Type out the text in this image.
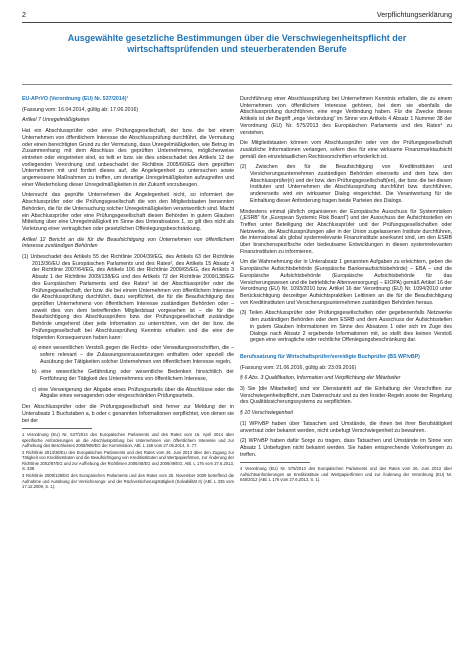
2	Verpflichtungserklärung
Ausgewählte gesetzliche Bestimmungen über die Verschwiegenheitspflicht der wirtschaftsprüfenden und steuerberatenden Berufe

EU-APrVO (Verordnung (EU) Nr. 537/2014)¹

(Fassung vom: 16.04.2014, gültig ab: 17.06.2016)

Artikel 7 Unregelmäßigkeiten

Hat ein Abschlussprüfer oder eine Prüfungsgesellschaft, der bzw. die bei einem Unternehmen von öffentlichem Interesse die Abschlussprüfung durchführt, die Vermutung oder einen berechtigten Grund zu der Vermutung, dass Unregelmäßigkeiten, wie Betrug im Zusammenhang mit dem Abschluss des geprüften Unternehmens, möglicherweise eintreten oder eingetreten sind, so teilt er bzw. sie dies unbeschadet des Artikels 12 der vorliegenden Verordnung und unbeschadet der Richtlinie 2005/60/EG dem geprüften Unternehmen mit und fordert dieses auf, die Angelegenheit zu untersuchen sowie angemessene Maßnahmen zu treffen, um derartige Unregelmäßigkeiten aufzugreifen und einer Wiederholung dieser Unregelmäßigkeiten in der Zukunft vorzubeugen.

Untersucht das geprüfte Unternehmen die Angelegenheit nicht, so informiert der Abschlussprüfer oder die Prüfungsgesellschaft die von den Mitgliedstaaten benannten Behörden, die für die Untersuchung solcher Unregelmäßigkeiten verantwortlich sind. Macht ein Abschlussprüfer oder eine Prüfungsgesellschaft diesen Behörden in gutem Glauben Mitteilung über eine Unregelmäßigkeit im Sinne des Unterabsatzes 1, so gilt dies nicht als Verletzung einer vertraglichen oder gesetzlichen Offenlegungsbeschränkung.

Artikel 12 Bericht an die für die Beaufsichtigung von Unternehmen von öffentlichem Interesse zuständigen Behörden

(1) Unbeschadet des Artikels 55 der Richtlinie 2004/39/EG, des Artikels 63 der Richtlinie 2013/36/EU des Europäischen Parlaments und des Rates², des Artikels 15 Absatz 4 der Richtlinie 2007/64/EG, des Artikels 106 der Richtlinie 2009/65/EG, des Artikels 3 Absatz 1 der Richtlinie 2009/138/EG und des Artikels 72 der Richtlinie 2009/138/EG des Europäischen Parlaments und des Rates³ ist der Abschlussprüfer oder die Prüfungsgesellschaft, der bzw. die bei einem Unternehmen von öffentlichem Interesse die Abschlussprüfung durchführt, dazu verpflichtet, die für die Beaufsichtigung des geprüften Unternehmens von öffentlichem Interesse zuständigen Behörden oder – soweit dies von dem betreffenden Mitgliedstaat vorgesehen ist – die für die Beaufsichtigung des Abschlussprüfers bzw. der Prüfungsgesellschaft zuständige Behörde umgehend über jede Information zu unterrichten, von der der bzw. die Prüfungsgesellschaft bei Abschlussprüfung Kenntnis erhalten und die eine der folgenden Konsequenzen haben kann:

a) einen wesentlichen Verstoß gegen die Rechts- oder Verwaltungsvorschriften, die – sofern relevant – die Zulassungsvoraussetzungen enthalten oder speziell die Ausübung der Tätigkeiten solcher Unternehmen von öffentlichem Interesse regeln,

b) eine wesentliche Gefährdung oder wesentliche Bedenken hinsichtlich der Fortführung der Tätigkeit des Unternehmens von öffentlichem Interesse,

c) eine Verweigerung der Abgabe eines Prüfungsurteils über die Abschlüsse oder die Abgabe eines versagenden oder eingeschränkten Prüfungsurteils.

Der Abschlussprüfer oder die Prüfungsgesellschaft sind ferner zur Meldung der in Unterabsatz 1 Buchstaben a, b oder c genannten Informationen verpflichtet, von denen sie bei der

1 Verordnung (EU) Nr. 537/2014 des Europäischen Parlaments und des Rates vom 16. April 2014 über spezifische Anforderungen an die Abschlussprüfung bei Unternehmen von öffentlichem Interesse und zur Aufhebung des Beschlusses 2005/909/EG der Kommission, ABl. L 158 vom 27.05.2014, S. 77.

2 Richtlinie 2013/36/EU des Europäischen Parlaments und des Rates vom 26. Juni 2013 über den Zugang zur Tätigkeit von Kreditinstituten und die Beaufsichtigung von Kreditinstituten und Wertpapierfirmen, zur Änderung der Richtlinie 2002/87/EG und zur Aufhebung der Richtlinien 2006/48/EG und 2006/49/EG, ABl. L 176 vom 27.6.2013, S. 338.

3 Richtlinie 2009/138/EG des Europäischen Parlaments und des Rates vom 25. November 2009 betreffend die Aufnahme und Ausübung der Versicherungs- und der Rückversicherungstätigkeit (Solvabilität II) (ABl. L 335 vom 17.12.2009, S. 1).

Durchführung einer Abschlussprüfung bei Unternehmen Kenntnis erhalten, die zu einem Unternehmen von öffentlichem Interesse gehören, bei dem sie ebenfalls die Abschlussprüfung durchführen, eine enge Verbindung haben. Für die Zwecke dieses Artikels ist der Begriff „enge Verbindung“ im Sinne von Artikels 4 Absatz 1 Nummer 38 der Verordnung (EU) Nr. 575/2013 des Europäischen Parlaments und des Rates⁴ zu verstehen.

Die Mitgliedstaaten können vom Abschlussprüfer oder von der Prüfungsgesellschaft zusätzliche Informationen verlangen, sofern dies für eine wirksame Finanzmarktaufsicht gemäß den einzelstaatlichen Rechtsvorschriften erforderlich ist.

(2) Zwischen den für die Beaufsichtigung von Kreditinstituten und Versicherungsunternehmen zuständigen Behörden einerseits und dem bzw. den Abschlussprüfer(n) und der bzw. den Prüfungsgesellschaft(en), der bzw. die bei diesen Instituten und Unternehmen die Abschlussprüfung durchführt bzw. durchführen, andererseits wird ein wirksamer Dialog eingerichtet. Die Verantwortung für die Einhaltung dieser Anforderung tragen beide Parteien des Dialogs.

Mindestens einmal jährlich organisieren der Europäische Ausschuss für Systemrisiken („ESRB“ für „European Systemic Risk Board“) und der Ausschuss der Aufsichtsstellen ein Treffen unter Beteiligung der Abschlussprüfer und der Prüfungsgesellschaften oder Netzwerke, die Abschlussprüfungen aller in der Union zugelassenen Institute durchführen, die international als global systemrelevante Finanzinstitute anerkannt sind, um den ESRB über branchenspezifische oder bedeutsame Entwicklungen in diesen systemrelevanten Finanzinstituten zu informieren.

Um die Wahrnehmung der in Unterabsatz 1 genannten Aufgaben zu erleichtern, geben die Europäische Aufsichtsbehörde (Europäische Bankenaufsichtsbehörde) – EBA – und die Europäische Aufsichtsbehörde (Europäische Aufsichtsbehörde für das Versicherungswesen und die betriebliche Altersversorgung) – EIOPA) gemäß Artikel 16 der Verordnung (EU) Nr. 1093/2010 bzw. Artikel 16 der Verordnung (EU) Nr. 1094/2010 unter Berücksichtigung derzeitiger Aufsichtspraktiken Leitlinien an die für die Beaufsichtigung von Kreditinstituten und Versicherungsunternehmen zuständigen Behörden heraus.

(3) Teilen Abschlussprüfer oder Prüfungsgesellschaften oder gegebenenfalls Netzwerke den zuständigen Behörden oder dem ESRB und dem Ausschuss der Aufsichtsstellen in gutem Glauben Informationen im Sinne des Absatzes 1 oder sich im Zuge des Dialogs nach Absatz 2 ergebende Informationen mit, so stellt dies keinen Verstoß gegen eine vertragliche oder rechtliche Offenlegungsbeschränkung dar.

Berufssatzung für Wirtschaftsprüfer/vereidigte Buchprüfer (BS WP/vBP)

(Fassung vom: 21.06.2016, gültig ab: 23.09.2016)

§ 6 Abs. 3 Qualifikation, Information und Verpflichtung der Mitarbeiter

3) Sie [die Mitarbeiter] sind vor Dienstantritt auf die Einhaltung der Vorschriften zur Verschwiegenheitspflicht, zum Datenschutz und zu den Insider-Regeln sowie der Regelung des Qualitätssicherungssystems zu verpflichten.

§ 10 Verschwiegenheit

(1) WP/vBP haben über Tatsachen und Umstände, die ihnen bei ihrer Berufstätigkeit anvertraut oder bekannt werden, nicht unbefugt Verschwiegenheit zu bewahren.

(2) WP/vBP haben dafür Sorge zu tragen, dass Tatsachen und Umstände im Sinne von Absatz 1 Unbefugten nicht bekannt werden. Sie haben entsprechende Vorkehrungen zu treffen.

4 Verordnung (EU) Nr. 575/2013 des Europäischen Parlaments und des Rates vom 26. Juni 2013 über Aufsichtsanforderungen an Kreditinstitute und Wertpapierfirmen und zur Änderung der Verordnung (EU) Nr. 648/2012 (ABl. L 176 vom 27.6.2013, S. 1).
